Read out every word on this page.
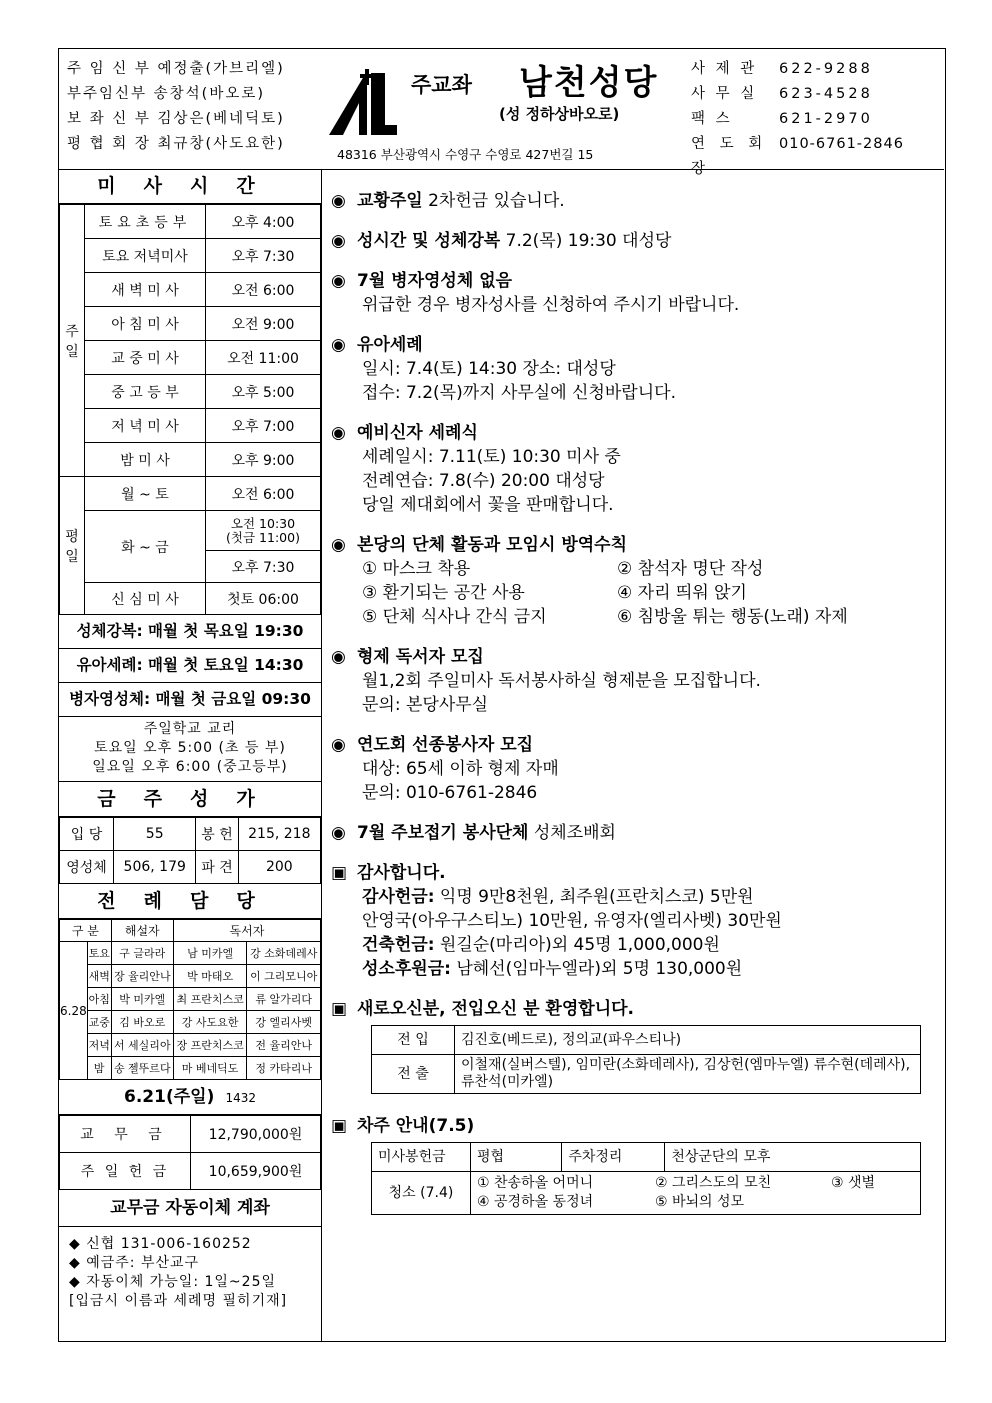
주 임 신 부 예정출(가브리엘)
부주임신부 송창석(바오로)
보 좌 신 부 김상은(베네딕토)
평 협 회 장 최규창(사도요한)
주교좌 남천성당
(성 정하상바오로)
48316 부산광역시 수영구 수영로 427번길 15
사 제 관	622-9288
사 무 실	623-4528
팩 스	621-2970
연 도 회 장
010-6761-2846
미사시간
주일	토요초등부	오후 4:00
	토요 저녁미사	오후 7:30
	새 벽 미 사	오전 6:00
	아 침 미 사	오전 9:00
	교 중 미 사	오전 11:00
	중 고 등 부	오후 5:00
	저 녁 미 사	오후 7:00
	밤 미 사	오후 9:00
평일	월 ~ 토	오전 6:00
	화 ~ 금	오전 10:30
(첫금 11:00)

		오후 7:30
	신 심 미 사	첫토 06:00
성체강복: 매월 첫 목요일 19:30
유아세례: 매월 첫 토요일 14:30
병자영성체: 매월 첫 금요일 09:30
주일학교 교리
토요일 오후 5:00 (초 등 부)
일요일 오후 6:00 (중고등부)
금주성가
입 당	55	봉 헌	215, 218
영성체	506, 179	파 견	200
전례담당
구 분		해설자	독서자	
6.28	토요	구 글라라	남 미카엘	강 소화데레사
	새벽	장 율리안나	박 마태오	이 그리모니아
	아침	박 미카엘	최 프란치스코	류 알가리다
	교중	김 바오로	강 사도요한	강 엘리사벳
	저녁	서 세실리아	장 프란치스코	전 율리안나
	밤	송 젤뚜르다	마 베네딕도	정 카타리나
6.21(주일) 1432
교 무 금	12,790,000원
주 일 헌 금	10,659,900원
교무금 자동이체 계좌
◆ 신협 131-006-160252
◆ 예금주: 부산교구
◆ 자동이체 가능일: 1일~25일
[입금시 이름과 세례명 필히기재]
◉ 교황주일 2차헌금 있습니다.
◉ 성시간 및 성체강복 7.2(목) 19:30 대성당
◉ 7월 병자영성체 없음
위급한 경우 병자성사를 신청하여 주시기 바랍니다.
◉ 유아세례
일시: 7.4(토) 14:30 장소: 대성당
접수: 7.2(목)까지 사무실에 신청바랍니다.
◉ 예비신자 세례식
세례일시: 7.11(토) 10:30 미사 중
전례연습: 7.8(수) 20:00 대성당
당일 제대회에서 꽃을 판매합니다.
◉ 본당의 단체 활동과 모임시 방역수칙
① 마스크 착용	② 참석자 명단 작성
③ 환기되는 공간 사용	④ 자리 띄워 앉기
⑤ 단체 식사나 간식 금지	⑥ 침방울 튀는 행동(노래) 자제
◉ 형제 독서자 모집
월1,2회 주일미사 독서봉사하실 형제분을 모집합니다.
문의: 본당사무실
◉ 연도회 선종봉사자 모집
대상: 65세 이하 형제 자매
문의: 010-6761-2846
◉ 7월 주보접기 봉사단체 성체조배회
▣ 감사합니다.
감사헌금: 익명 9만8천원, 최주원(프란치스코) 5만원
안영국(아우구스티노) 10만원, 유영자(엘리사벳) 30만원
건축헌금: 원길순(마리아)외 45명 1,000,000원
성소후원금: 남혜선(임마누엘라)외 5명 130,000원
▣ 새로오신분, 전입오신 분 환영합니다.
전 입	김진호(베드로), 정의교(파우스티나)
전 출	이철재(실버스텔), 임미란(소화데레사), 김상헌(엠마누엘) 류수현(데레사), 류찬석(미카엘)
▣ 차주 안내(7.5)
미사봉헌금	평협	주차정리	천상군단의 모후
청소 (7.4)	① 찬송하올 어머니 ② 그리스도의 모친 ③ 샛별
④ 공경하올 동정녀 ⑤ 바뇌의 성모		
